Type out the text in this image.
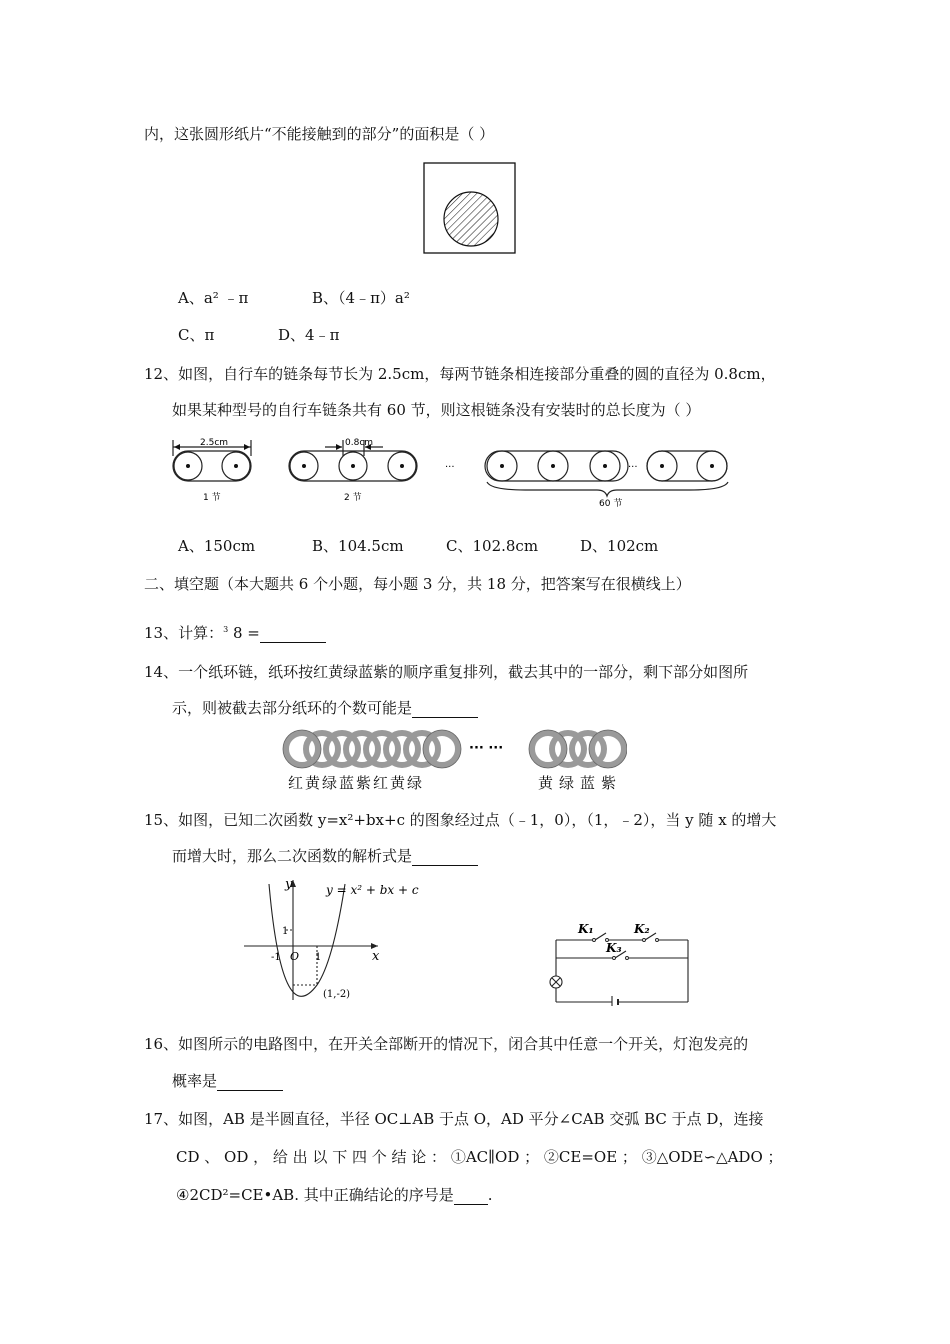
内，这张圆形纸片“不能接触到的部分”的面积是（ ）
A、a² ﹣π	B、（4﹣π）a²
C、π	D、4﹣π
12、如图，自行车的链条每节长为 2.5cm，每两节链条相连接部分重叠的圆的直径为 0.8cm，
如果某种型号的自行车链条共有 60 节，则这根链条没有安装时的总长度为（ ）
2.5cm	0.8cm
1 节	2 节
···	···
60 节
A、150cm	B、104.5cm	C、102.8cm	D、102cm
二、填空题（本大题共 6 个小题，每小题 3 分，共 18 分，把答案写在很横线上）
13、计算：$^3$ 8 =
14、一个纸环链，纸环按红黄绿蓝紫的顺序重复排列，截去其中的一部分，剩下部分如图所
示，则被截去部分纸环的个数可能是
··· ···
红黄绿蓝紫红黄绿	黄绿蓝紫
15、如图，已知二次函数 y=x²+bx+c 的图象经过点（﹣1，0），（1，﹣2），当 y 随 x 的增大
而增大时，那么二次函数的解析式是
y
x
y = x² + bx + c
1
-1 O 1
(1,-2)
K₁	K₂
K₃
16、如图所示的电路图中，在开关全部断开的情况下，闭合其中任意一个开关，灯泡发亮的
概率是
17、如图，AB 是半圆直径，半径 OC⊥AB 于点 O，AD 平分∠CAB 交弧 BC 于点 D，连接
CD 、 OD ， 给 出 以 下 四 个 结 论 ： ①AC∥OD ； ②CE=OE ； ③△ODE∽△ADO ；
④2CD²=CE•AB. 其中正确结论的序号是 .
